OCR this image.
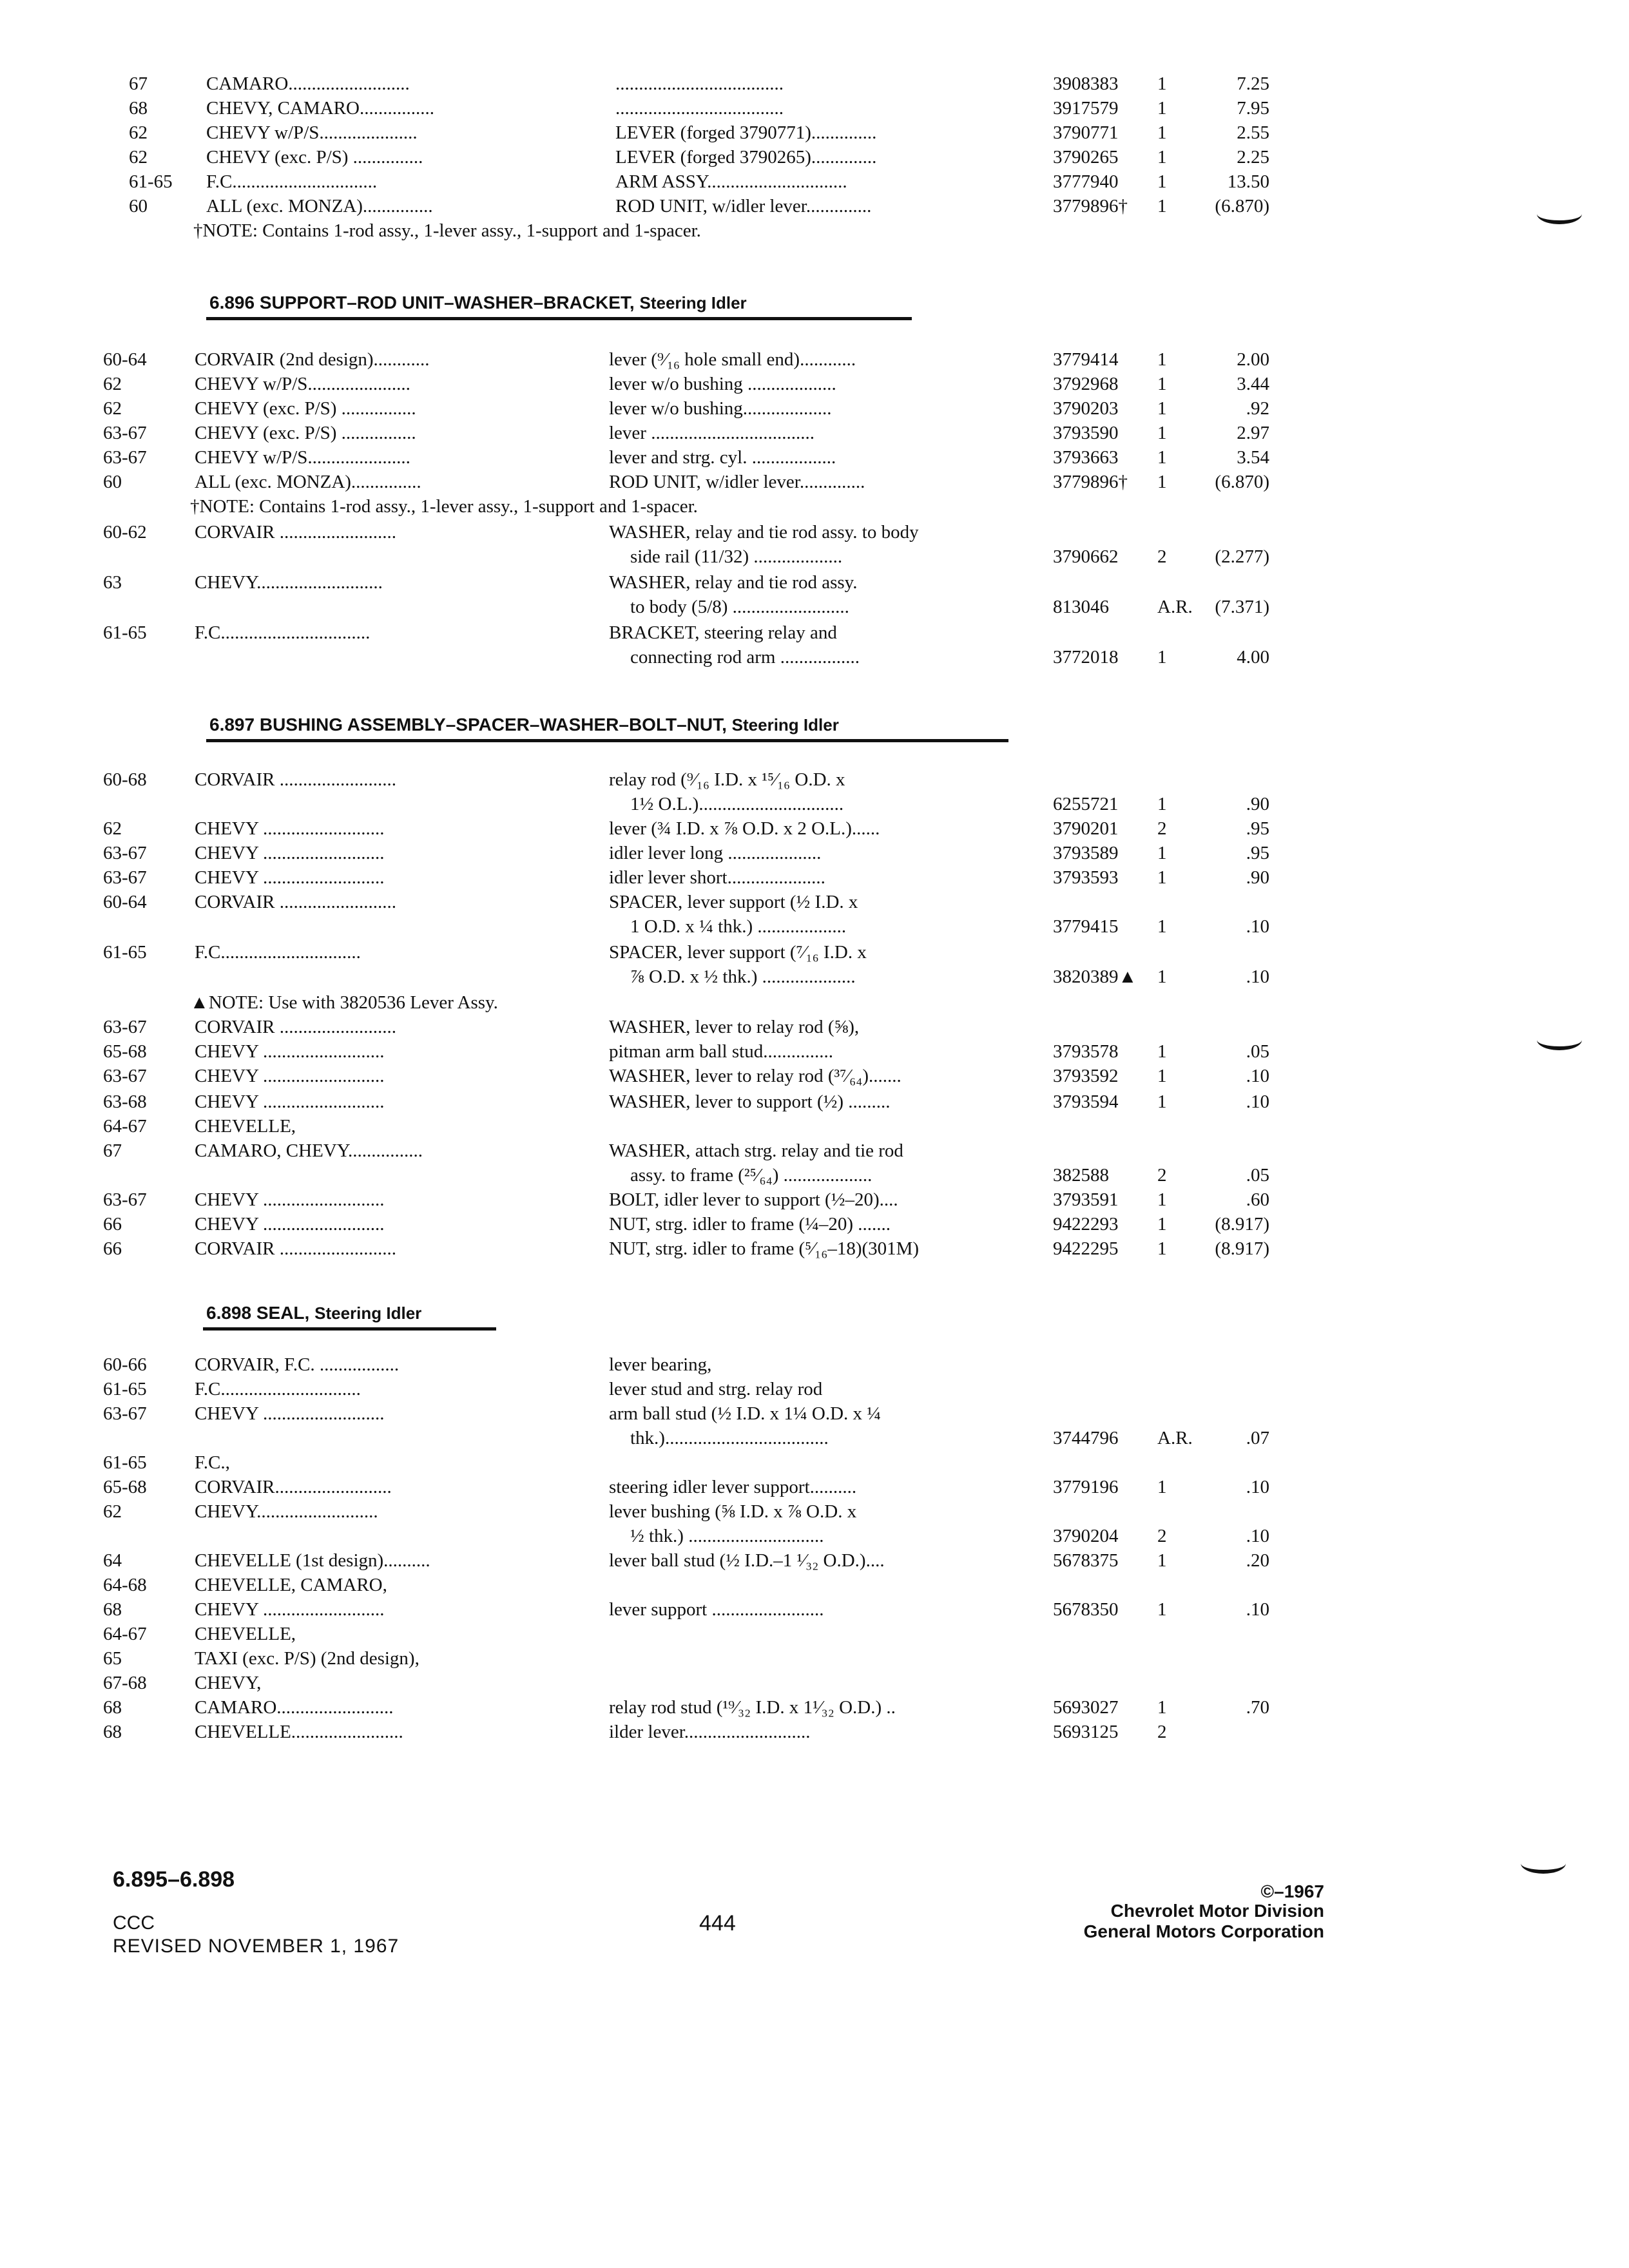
67	CAMARO..........................	....................................	3908383 1	7.25
68	CHEVY, CAMARO................	....................................	3917579 1	7.95
62	CHEVY w/P/S.....................	LEVER (forged 3790771)..............	3790771 1	2.55
62	CHEVY (exc. P/S) ...............	LEVER (forged 3790265)..............	3790265 1	2.25
61-65 F.C...............................	ARM ASSY..............................	3777940 1	13.50
60	ALL (exc. MONZA)...............	ROD UNIT, w/idler lever..............	3779896† 1	(6.870)
†NOTE: Contains 1-rod assy., 1-lever assy., 1-support and 1-spacer.
6.896 SUPPORT–ROD UNIT–WASHER–BRACKET, Steering Idler
60-64	CORVAIR (2nd design)............	lever (⁹⁄₁₆ hole small end)............	3779414 1	2.00
62	CHEVY w/P/S......................	lever w/o bushing ...................	3792968 1	3.44
62	CHEVY (exc. P/S) ................	lever w/o bushing...................	3790203 1	.92
63-67	CHEVY (exc. P/S) ................	lever ...................................	3793590 1	2.97
63-67	CHEVY w/P/S......................	lever and strg. cyl. ..................	3793663 1	3.54
60	ALL (exc. MONZA)...............	ROD UNIT, w/idler lever..............	3779896† 1	(6.870)
†NOTE: Contains 1-rod assy., 1-lever assy., 1-support and 1-spacer.
60-62	CORVAIR .........................	WASHER, relay and tie rod assy. to body
side rail (11/32) ...................	3790662 2	(2.277)
63	CHEVY...........................	WASHER, relay and tie rod assy.
to body (5/8) .........................	813046	A.R.	(7.371)
61-65	F.C................................	BRACKET, steering relay and
connecting rod arm .................	3772018 1	4.00
6.897 BUSHING ASSEMBLY–SPACER–WASHER–BOLT–NUT, Steering Idler
60-68	CORVAIR .........................	relay rod (⁹⁄₁₆ I.D. x ¹⁵⁄₁₆ O.D. x
1½ O.L.)...............................	6255721 1	.90
62	CHEVY ..........................	lever (¾ I.D. x ⅞ O.D. x 2 O.L.)......	3790201 2	.95
63-67	CHEVY ..........................	idler lever long ....................	3793589 1	.95
63-67	CHEVY ..........................	idler lever short.....................	3793593 1	.90
60-64	CORVAIR .........................	SPACER, lever support (½ I.D. x
1 O.D. x ¼ thk.) ...................	3779415 1	.10
61-65	F.C..............................	SPACER, lever support (⁷⁄₁₆ I.D. x
⅞ O.D. x ½ thk.) ....................	3820389▲ 1	.10
▲NOTE: Use with 3820536 Lever Assy.
63-67	CORVAIR .........................	WASHER, lever to relay rod (⅝),
65-68	CHEVY ..........................	pitman arm ball stud...............	3793578 1	.05
63-67	CHEVY ..........................	WASHER, lever to relay rod (³⁷⁄₆₄).......	3793592 1	.10
63-68	CHEVY ..........................	WASHER, lever to support (½) .........	3793594 1	.10
64-67	CHEVELLE,
67	CAMARO, CHEVY................	WASHER, attach strg. relay and tie rod
assy. to frame (²⁵⁄₆₄) ...................	382588	2	.05
63-67	CHEVY ..........................	BOLT, idler lever to support (½–20)....	3793591 1	.60
66	CHEVY ..........................	NUT, strg. idler to frame (¼–20) .......	9422293 1	(8.917)
66	CORVAIR .........................	NUT, strg. idler to frame (⁵⁄₁₆–18)(301M)	9422295 1	(8.917)
6.898 SEAL, Steering Idler
60-66	CORVAIR, F.C. .................	lever bearing,
61-65	F.C..............................	lever stud and strg. relay rod
63-67	CHEVY ..........................	arm ball stud (½ I.D. x 1¼ O.D. x ¼
thk.)...................................	3744796 A.R.	.07
61-65	F.C.,
65-68	CORVAIR.........................	steering idler lever support..........	3779196 1	.10
62	CHEVY..........................	lever bushing (⅝ I.D. x ⅞ O.D. x
½ thk.) .............................	3790204 2	.10
64	CHEVELLE (1st design)..........	lever ball stud (½ I.D.–1 ¹⁄₃₂ O.D.)....	5678375 1	.20
64-68	CHEVELLE, CAMARO,
68	CHEVY ..........................	lever support ........................	5678350 1	.10
64-67	CHEVELLE,
65	TAXI (exc. P/S) (2nd design),
67-68	CHEVY,
68	CAMARO.........................	relay rod stud (¹⁹⁄₃₂ I.D. x 1¹⁄₃₂ O.D.) ..	5693027 1	.70
68	CHEVELLE........................	ilder lever...........................	5693125 2
6.895–6.898
CCC
REVISED NOVEMBER 1, 1967
444
©–1967
Chevrolet Motor Division
General Motors Corporation
